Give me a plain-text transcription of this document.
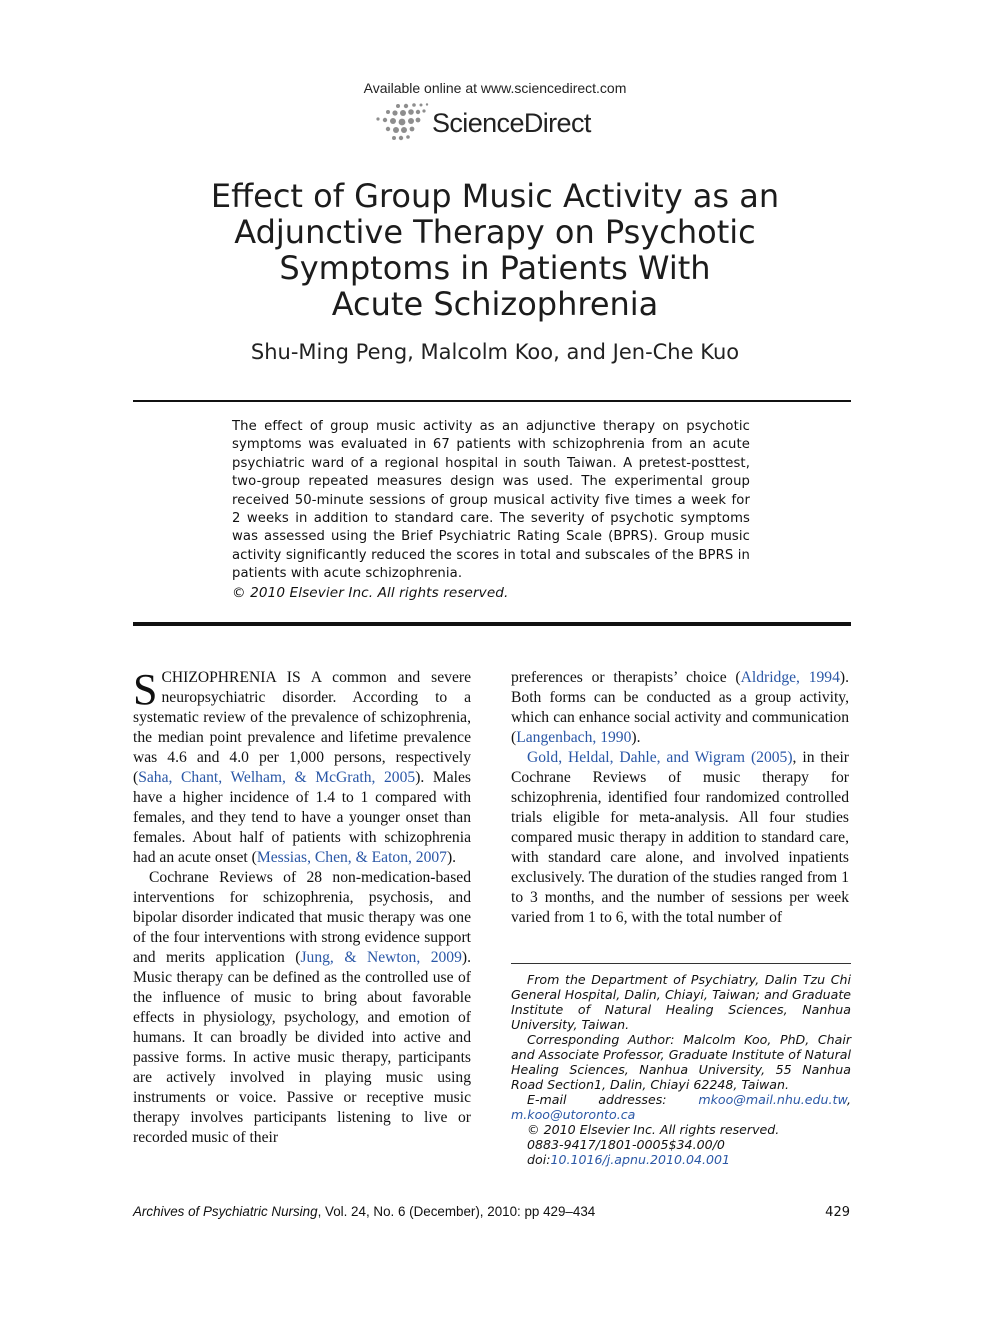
Available online at www.sciencedirect.com
ScienceDirect
Effect of Group Music Activity as an
Adjunctive Therapy on Psychotic
Symptoms in Patients With
Acute Schizophrenia
Shu-Ming Peng, Malcolm Koo, and Jen-Che Kuo

The effect of group music activity as an adjunctive therapy on psychotic symptoms was evaluated in 67 patients with schizophrenia from an acute psychiatric ward of a regional hospital in south Taiwan. A pretest-posttest, two-group repeated measures design was used. The experimental group received 50-minute sessions of group musical activity five times a week for 2 weeks in addition to standard care. The severity of psychotic symptoms was assessed using the Brief Psychiatric Rating Scale (BPRS). Group music activity significantly reduced the scores in total and subscales of the BPRS in patients with acute schizophrenia.

© 2010 Elsevier Inc. All rights reserved.

SCHIZOPHRENIA IS A common and severe neuropsychiatric disorder. According to a systematic review of the prevalence of schizophrenia, the median point prevalence and lifetime prevalence was 4.6 and 4.0 per 1,000 persons, respectively (Saha, Chant, Welham, & McGrath, 2005). Males have a higher incidence of 1.4 to 1 compared with females, and they tend to have a younger onset than females. About half of patients with schizophrenia had an acute onset (Messias, Chen, & Eaton, 2007).

Cochrane Reviews of 28 non-medication-based interventions for schizophrenia, psychosis, and bipolar disorder indicated that music therapy was one of the four interventions with strong evidence support and merits application (Jung, & Newton, 2009). Music therapy can be defined as the controlled use of the influence of music to bring about favorable effects in physiology, psychology, and emotion of humans. It can broadly be divided into active and passive forms. In active music therapy, participants are actively involved in playing music using instruments or voice. Passive or receptive music therapy involves participants listening to live or recorded music of their

preferences or therapists’ choice (Aldridge, 1994). Both forms can be conducted as a group activity, which can enhance social activity and communication (Langenbach, 1990).

Gold, Heldal, Dahle, and Wigram (2005), in their Cochrane Reviews of music therapy for schizophrenia, identified four randomized controlled trials eligible for meta-analysis. All four studies compared music therapy in addition to standard care, with standard care alone, and involved inpatients exclusively. The duration of the studies ranged from 1 to 3 months, and the number of sessions per week varied from 1 to 6, with the total number of

From the Department of Psychiatry, Dalin Tzu Chi General Hospital, Dalin, Chiayi, Taiwan; and Graduate Institute of Natural Healing Sciences, Nanhua University, Taiwan.

Corresponding Author: Malcolm Koo, PhD, Chair and Associate Professor, Graduate Institute of Natural Healing Sciences, Nanhua University, 55 Nanhua Road Section1, Dalin, Chiayi 62248, Taiwan.

E-mail addresses: mkoo@mail.nhu.edu.tw, m.koo@utoronto.ca

© 2010 Elsevier Inc. All rights reserved.

0883-9417/1801-0005$34.00/0

doi:10.1016/j.apnu.2010.04.001

Archives of Psychiatric Nursing, Vol. 24, No. 6 (December), 2010: pp 429–434	429
